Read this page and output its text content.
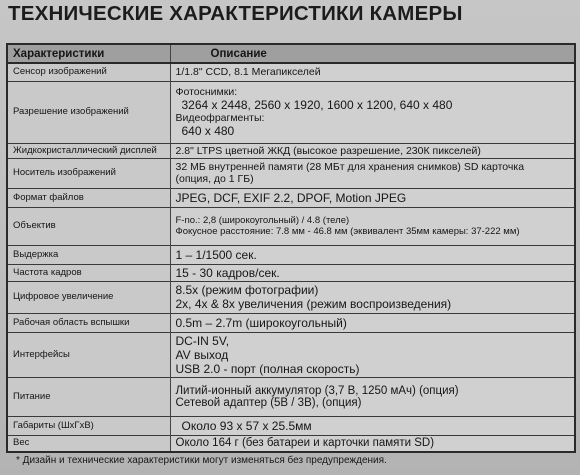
ТЕХНИЧЕСКИЕ ХАРАКТЕРИСТИКИ КАМЕРЫ
Характеристики	Описание
Сенсор изображений	1/1.8" CCD, 8.1 Мегапикселей

Разрешение изображений	Фотоснимки:
3264 x 2448, 2560 x 1920, 1600 x 1200, 640 x 480
Видеофрагменты:
640 x 480

Жидкокристаллический дисплей	2.8" LTPS цветной ЖКД (высокое разрешение, 230К пикселей)

Носитель изображений	32 МБ внутренней памяти (28 МБт для хранения снимков) SD карточка
(опция, до 1 ГБ)

Формат файлов	JPEG, DCF, EXIF 2.2, DPOF, Motion JPEG

Объектив	F-no.: 2,8 (широкоугольный) / 4.8 (теле)
Фокусное расстояние: 7.8 мм - 46.8 мм (эквивалент 35мм камеры: 37-222 мм)

Выдержка	1 – 1/1500 сек.

Частота кадров	15 - 30 кадров/сек.

Цифровое увеличение	8.5x (режим фотографии)
2x, 4x & 8x увеличения (режим воспроизведения)

Рабочая область вспышки	0.5m – 2.7m (широкоугольный)

Интерфейсы	DC-IN 5V,
AV выход
USB 2.0 - порт (полная скорость)

Питание	Литий-ионный аккумулятор (3,7 В, 1250 мАч) (опция)
Сетевой адаптер (5В / 3В), (опция)

Габариты (ШхГхВ)	Около 93 x 57 x 25.5мм

Вес	Около 164 г (без батареи и карточки памяти SD)
* Дизайн и технические характеристики могут изменяться без предупреждения.
